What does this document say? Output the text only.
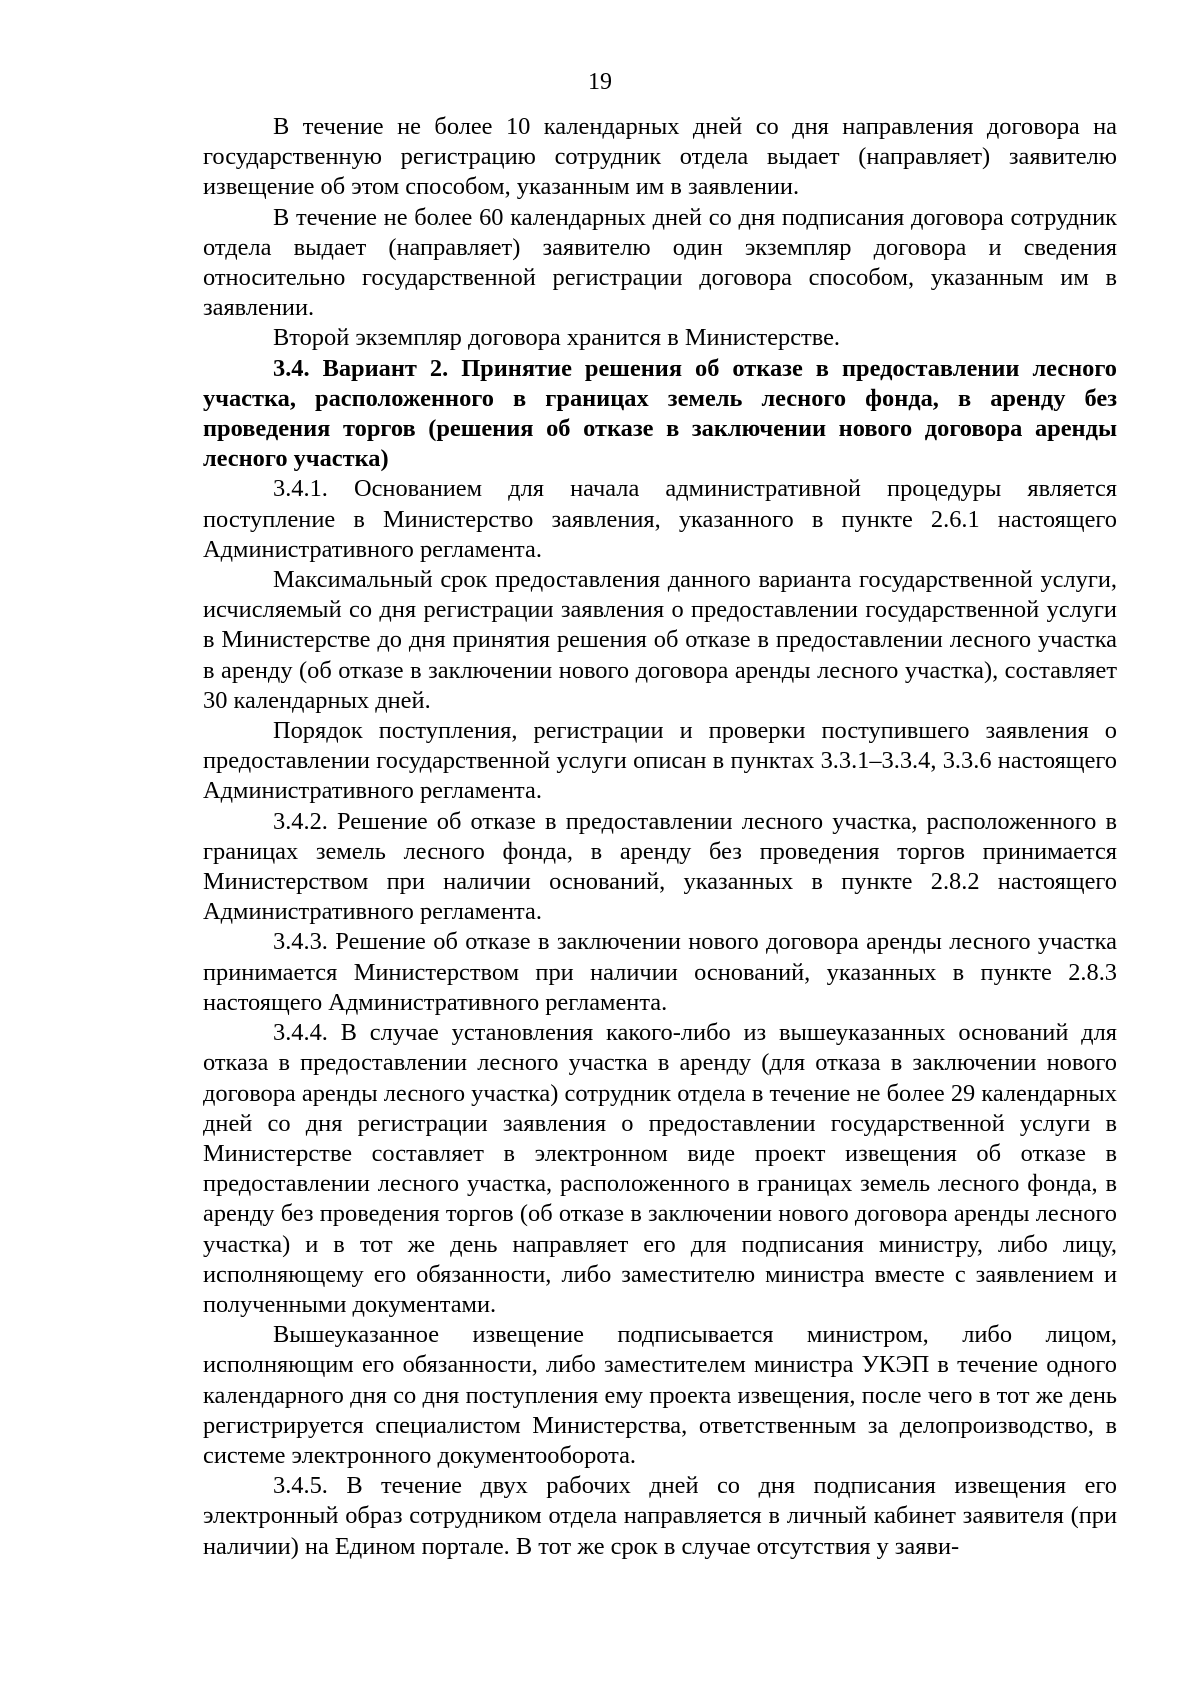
19

В течение не более 10 календарных дней со дня направления договора на государственную регистрацию сотрудник отдела выдает (направляет) заявителю извещение об этом способом, указанным им в заявлении.

В течение не более 60 календарных дней со дня подписания договора сотрудник отдела выдает (направляет) заявителю один экземпляр договора и сведения относительно государственной регистрации договора способом, указанным им в заявлении.

Второй экземпляр договора хранится в Министерстве.

3.4. Вариант 2. Принятие решения об отказе в предоставлении лесного участка, расположенного в границах земель лесного фонда, в аренду без проведения торгов (решения об отказе в заключении нового договора аренды лесного участка)

3.4.1. Основанием для начала административной процедуры является поступление в Министерство заявления, указанного в пункте 2.6.1 настоящего Административного регламента.

Максимальный срок предоставления данного варианта государственной услуги, исчисляемый со дня регистрации заявления о предоставлении государственной услуги в Министерстве до дня принятия решения об отказе в предоставлении лесного участка в аренду (об отказе в заключении нового договора аренды лесного участка), составляет 30 календарных дней.

Порядок поступления, регистрации и проверки поступившего заявления о предоставлении государственной услуги описан в пунктах 3.3.1–3.3.4, 3.3.6 настоящего Административного регламента.

3.4.2. Решение об отказе в предоставлении лесного участка, расположенного в границах земель лесного фонда, в аренду без проведения торгов принимается Министерством при наличии оснований, указанных в пункте 2.8.2 настоящего Административного регламента.

3.4.3. Решение об отказе в заключении нового договора аренды лесного участка принимается Министерством при наличии оснований, указанных в пункте 2.8.3 настоящего Административного регламента.

3.4.4. В случае установления какого-либо из вышеуказанных оснований для отказа в предоставлении лесного участка в аренду (для отказа в заключении нового договора аренды лесного участка) сотрудник отдела в течение не более 29 календарных дней со дня регистрации заявления о предоставлении государственной услуги в Министерстве составляет в электронном виде проект извещения об отказе в предоставлении лесного участка, расположенного в границах земель лесного фонда, в аренду без проведения торгов (об отказе в заключении нового договора аренды лесного участка) и в тот же день направляет его для подписания министру, либо лицу, исполняющему его обязанности, либо заместителю министра вместе с заявлением и полученными документами.

Вышеуказанное извещение подписывается министром, либо лицом, исполняющим его обязанности, либо заместителем министра УКЭП в течение одного календарного дня со дня поступления ему проекта извещения, после чего в тот же день регистрируется специалистом Министерства, ответственным за делопроизводство, в системе электронного документооборота.

3.4.5. В течение двух рабочих дней со дня подписания извещения его электронный образ сотрудником отдела направляется в личный кабинет заявителя (при наличии) на Едином портале. В тот же срок в случае отсутствия у заяви-
